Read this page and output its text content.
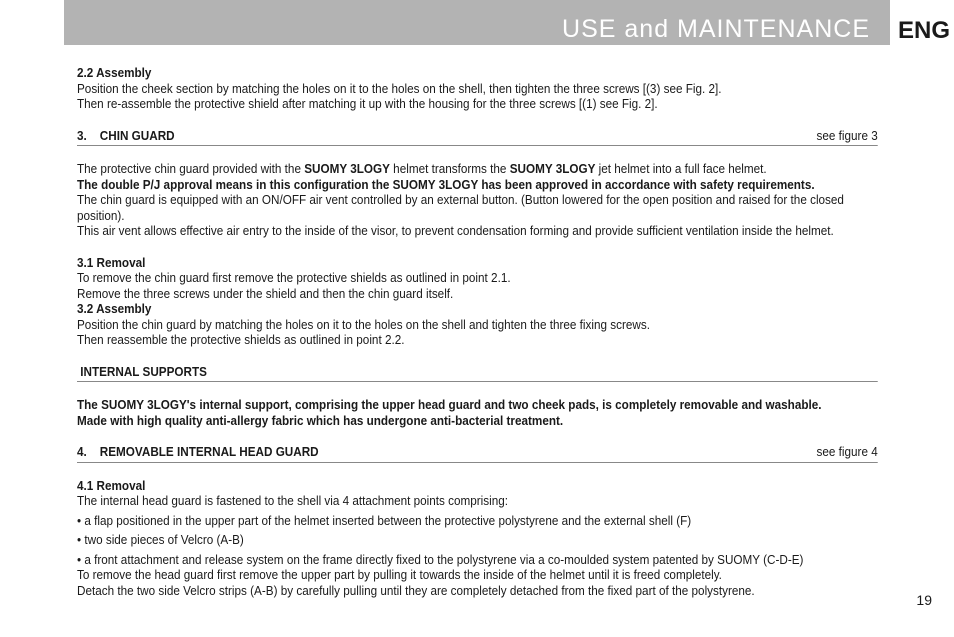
USE and MAINTENANCE ENG

2.2 Assembly

Position the cheek section by matching the holes on it to the holes on the shell, then tighten the three screws [(3) see Fig. 2].

Then re-assemble the protective shield after matching it up with the housing for the three screws [(1) see Fig. 2].

3.    CHIN GUARD	see figure 3

The protective chin guard provided with the SUOMY 3LOGY helmet transforms the SUOMY 3LOGY jet helmet into a full face helmet.

The double P/J approval means in this configuration the SUOMY 3LOGY has been approved in accordance with safety requirements.

The chin guard is equipped with an ON/OFF air vent controlled by an external button. (Button lowered for the open position and raised for the closed position).

This air vent allows effective air entry to the inside of the visor, to prevent condensation forming and provide sufficient ventilation inside the helmet.

3.1 Removal

To remove the chin guard first remove the protective shields as outlined in point 2.1.

Remove the three screws under the shield and then the chin guard itself.

3.2 Assembly

Position the chin guard by matching the holes on it to the holes on the shell and tighten the three fixing screws.

Then reassemble the protective shields as outlined in point 2.2.

INTERNAL SUPPORTS

The SUOMY 3LOGY's internal support, comprising the upper head guard and two cheek pads, is completely removable and washable.

Made with high quality anti-allergy fabric which has undergone anti-bacterial treatment.

4.    REMOVABLE INTERNAL HEAD GUARD	see figure 4

4.1 Removal

The internal head guard is fastened to the shell via 4 attachment points comprising:

• a flap positioned in the upper part of the helmet inserted between the protective polystyrene and the external shell (F)

• two side pieces of Velcro (A-B)

• a front attachment and release system on the frame directly fixed to the polystyrene via a co-moulded system patented by SUOMY (C-D-E)

To remove the head guard first remove the upper part by pulling it towards the inside of the helmet until it is freed completely.

Detach the two side Velcro strips (A-B) by carefully pulling until they are completely detached from the fixed part of the polystyrene.

19
